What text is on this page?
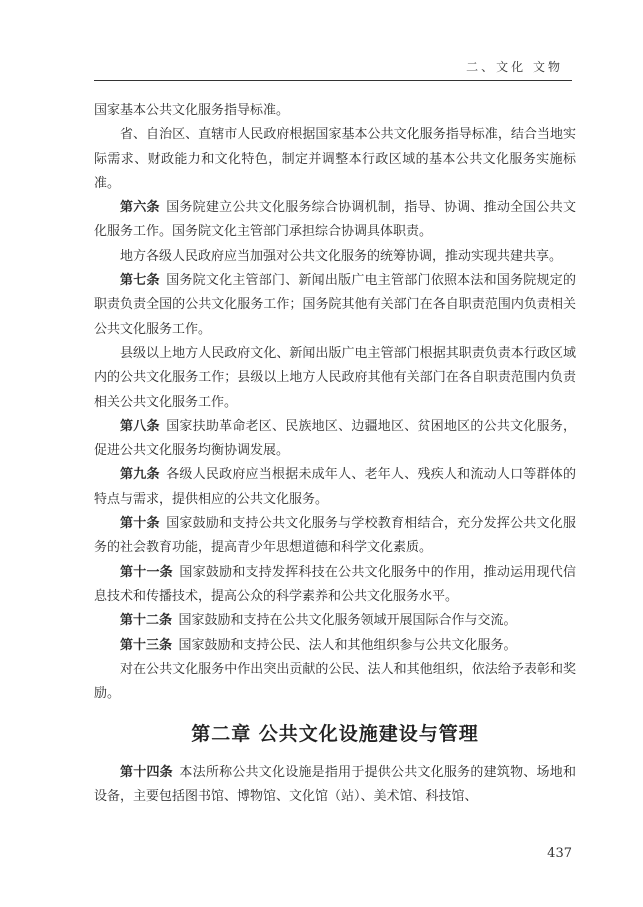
二、文化 文物

国家基本公共文化服务指导标准。

省、自治区、直辖市人民政府根据国家基本公共文化服务指导标准，结合当地实际需求、财政能力和文化特色，制定并调整本行政区域的基本公共文化服务实施标准。

第六条 国务院建立公共文化服务综合协调机制，指导、协调、推动全国公共文化服务工作。国务院文化主管部门承担综合协调具体职责。

地方各级人民政府应当加强对公共文化服务的统筹协调，推动实现共建共享。

第七条 国务院文化主管部门、新闻出版广电主管部门依照本法和国务院规定的职责负责全国的公共文化服务工作；国务院其他有关部门在各自职责范围内负责相关公共文化服务工作。

县级以上地方人民政府文化、新闻出版广电主管部门根据其职责负责本行政区域内的公共文化服务工作；县级以上地方人民政府其他有关部门在各自职责范围内负责相关公共文化服务工作。

第八条 国家扶助革命老区、民族地区、边疆地区、贫困地区的公共文化服务，促进公共文化服务均衡协调发展。

第九条 各级人民政府应当根据未成年人、老年人、残疾人和流动人口等群体的特点与需求，提供相应的公共文化服务。

第十条 国家鼓励和支持公共文化服务与学校教育相结合，充分发挥公共文化服务的社会教育功能，提高青少年思想道德和科学文化素质。

第十一条 国家鼓励和支持发挥科技在公共文化服务中的作用，推动运用现代信息技术和传播技术，提高公众的科学素养和公共文化服务水平。

第十二条 国家鼓励和支持在公共文化服务领域开展国际合作与交流。

第十三条 国家鼓励和支持公民、法人和其他组织参与公共文化服务。

对在公共文化服务中作出突出贡献的公民、法人和其他组织，依法给予表彰和奖励。

第二章 公共文化设施建设与管理

第十四条 本法所称公共文化设施是指用于提供公共文化服务的建筑物、场地和设备，主要包括图书馆、博物馆、文化馆（站）、美术馆、科技馆、

437
